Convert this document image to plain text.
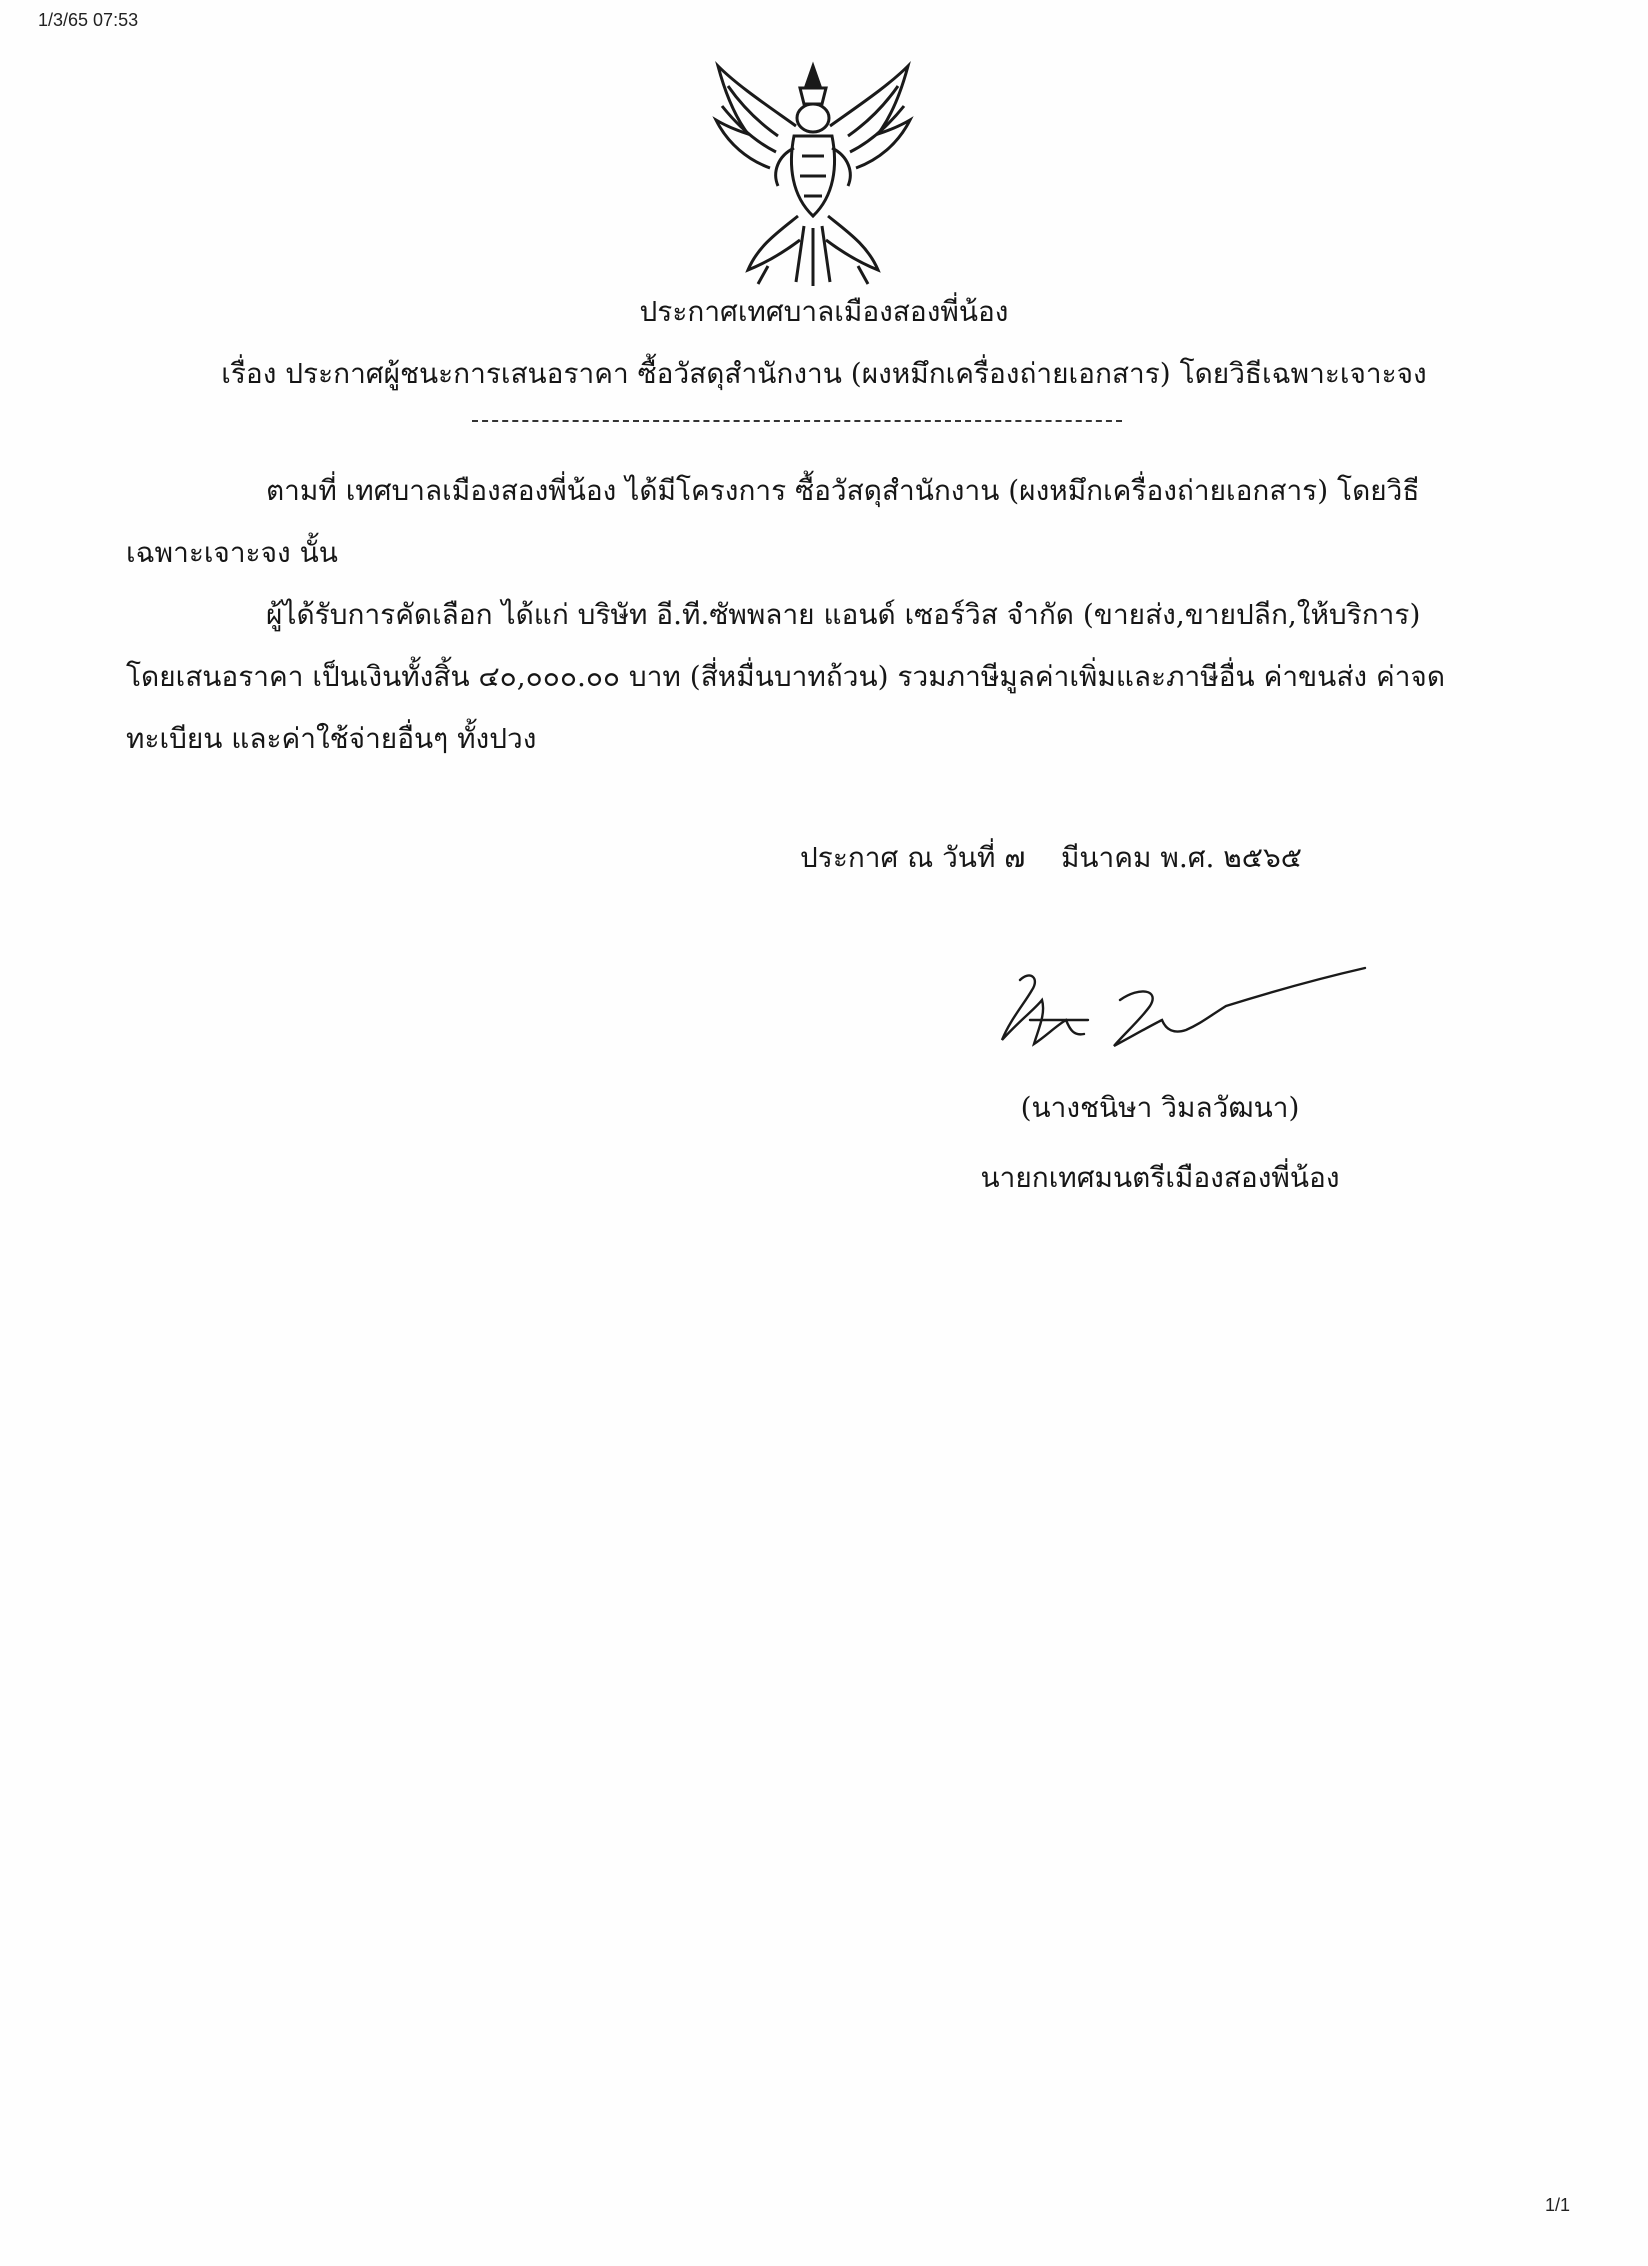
1/3/65 07:53
ประกาศเทศบาลเมืองสองพี่น้อง
เรื่อง ประกาศผู้ชนะการเสนอราคา ซื้อวัสดุสำนักงาน (ผงหมึกเครื่องถ่ายเอกสาร) โดยวิธีเฉพาะเจาะจง
ตามที่ เทศบาลเมืองสองพี่น้อง ได้มีโครงการ ซื้อวัสดุสำนักงาน (ผงหมึกเครื่องถ่ายเอกสาร) โดยวิธีเฉพาะเจาะจง นั้น
ผู้ได้รับการคัดเลือก ได้แก่ บริษัท อี.ที.ซัพพลาย แอนด์ เซอร์วิส จำกัด (ขายส่ง,ขายปลีก,ให้บริการ) โดยเสนอราคา เป็นเงินทั้งสิ้น ๔๐,๐๐๐.๐๐ บาท (สี่หมื่นบาทถ้วน) รวมภาษีมูลค่าเพิ่มและภาษีอื่น ค่าขนส่ง ค่าจดทะเบียน และค่าใช้จ่ายอื่นๆ ทั้งปวง
ประกาศ ณ วันที่ ๗    มีนาคม พ.ศ. ๒๕๖๕
(นางชนิษา วิมลวัฒนา)
นายกเทศมนตรีเมืองสองพี่น้อง
1/1
